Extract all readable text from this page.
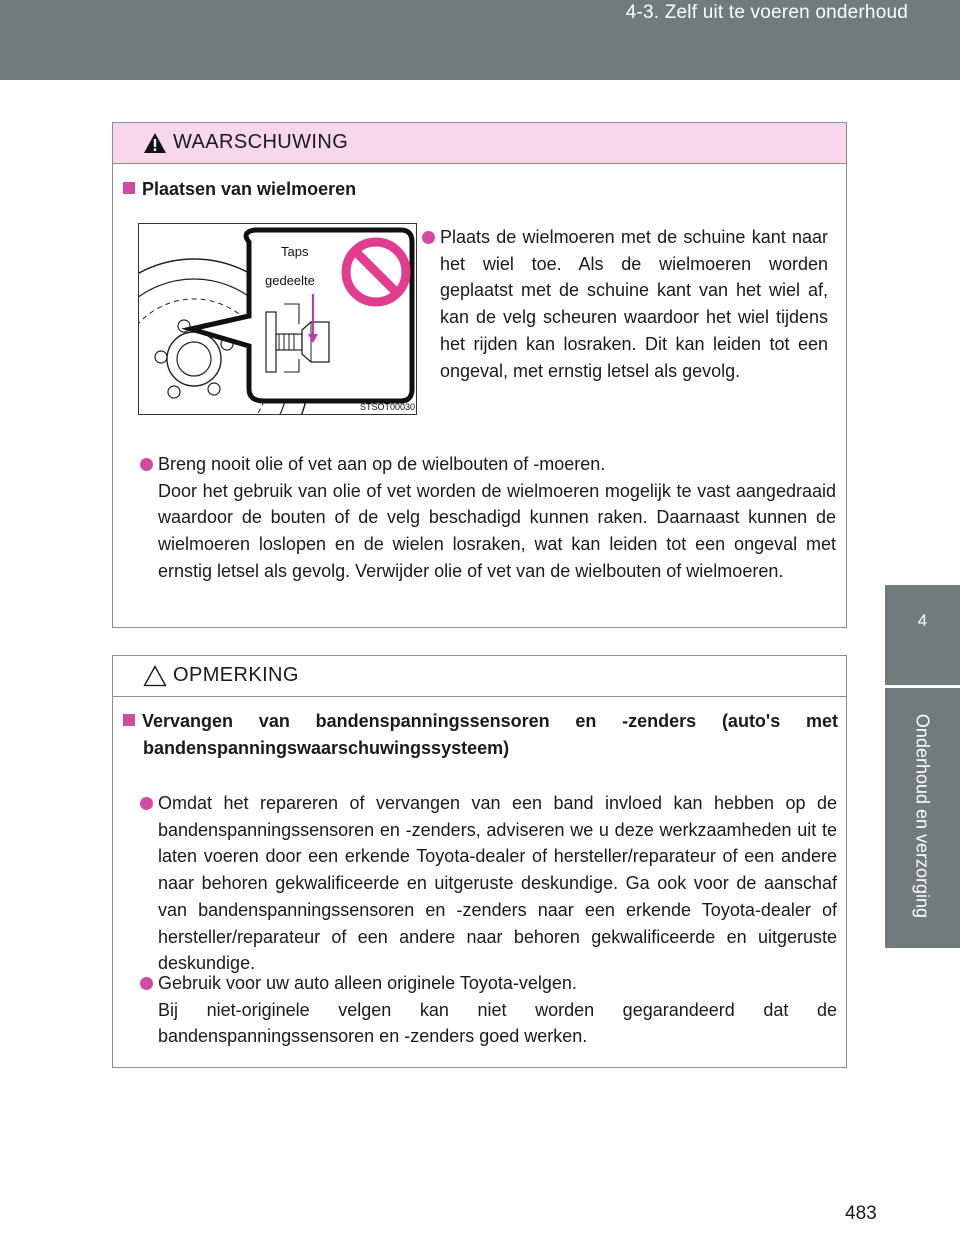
4-3. Zelf uit te voeren onderhoud
4
Onderhoud en verzorging
WAARSCHUWING
Plaatsen van wielmoeren
Plaats de wielmoeren met de schuine kant naar het wiel toe. Als de wielmoeren worden geplaatst met de schuine kant van het wiel af, kan de velg scheuren waardoor het wiel tijdens het rijden kan losraken. Dit kan leiden tot een ongeval, met ernstig letsel als gevolg.
Breng nooit olie of vet aan op de wielbouten of -moeren.
Door het gebruik van olie of vet worden de wielmoeren mogelijk te vast aangedraaid waardoor de bouten of de velg beschadigd kunnen raken. Daarnaast kunnen de wielmoeren loslopen en de wielen losraken, wat kan leiden tot een ongeval met ernstig letsel als gevolg. Verwijder olie of vet van de wielbouten of wielmoeren.
Taps
gedeelte
STSOT00030
OPMERKING
Vervangen van bandenspanningssensoren en -zenders (auto's met bandenspanningswaarschuwingssysteem)
Omdat het repareren of vervangen van een band invloed kan hebben op de bandenspanningssensoren en -zenders, adviseren we u deze werkzaamheden uit te laten voeren door een erkende Toyota-dealer of hersteller/reparateur of een andere naar behoren gekwalificeerde en uitgeruste deskundige. Ga ook voor de aanschaf van bandenspanningssensoren en -zenders naar een erkende Toyota-dealer of hersteller/reparateur of een andere naar behoren gekwalificeerde en uitgeruste deskundige.
Gebruik voor uw auto alleen originele Toyota-velgen.
Bij niet-originele velgen kan niet worden gegarandeerd dat de bandenspanningssensoren en -zenders goed werken.
483
